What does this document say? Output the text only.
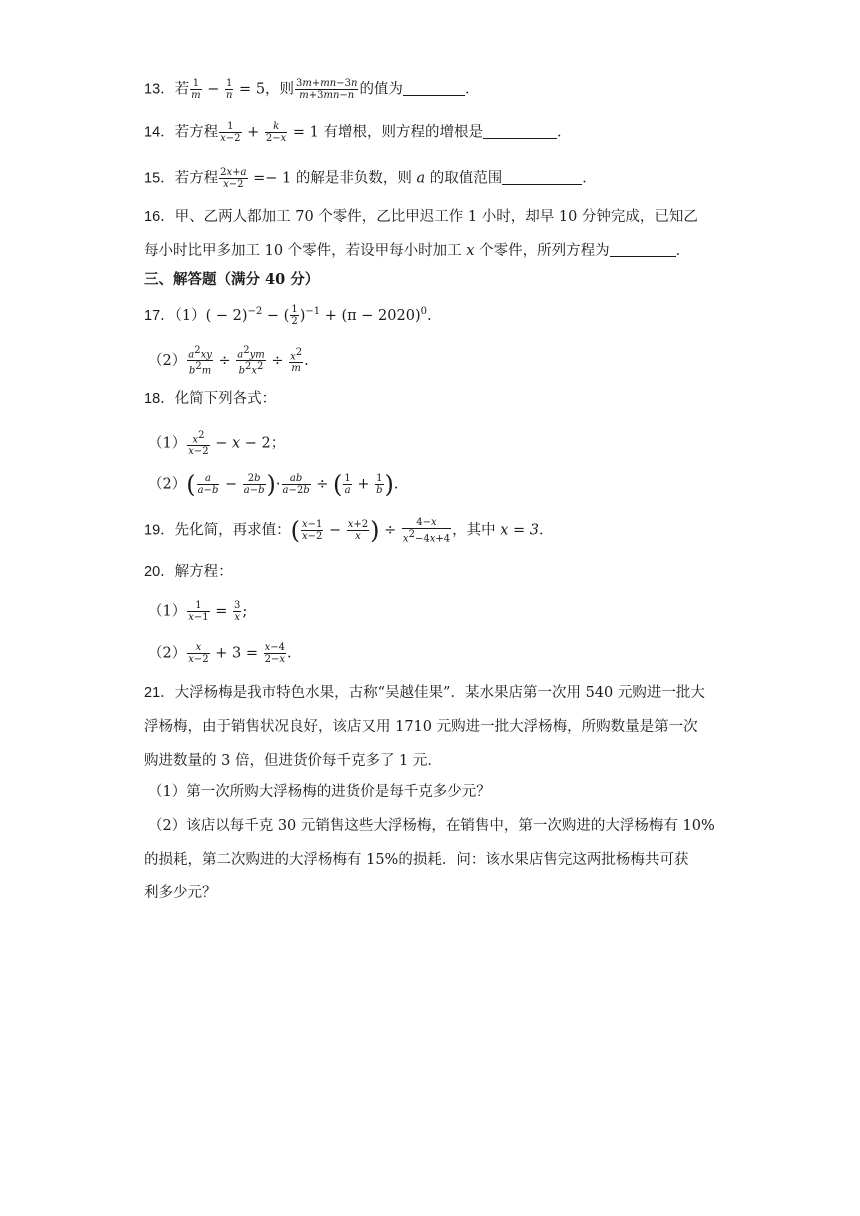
13．若 $\frac{1}{m} - \frac{1}{n} = 5$，则 $\frac{3m+mn-3n}{m+3mn-n}$ 的值为	．
14．若方程 $\frac{1}{x-2} + \frac{k}{2-x} = 1$ 有增根，则方程的增根是	．
15．若方程 $\frac{2x+a}{x-2} =- 1$ 的解是非负数，则 a 的取值范围	．
16．甲、乙两人都加工 70 个零件，乙比甲迟工作 1 小时，却早 10 分钟完成，已知乙
每小时比甲多加工 10 个零件，若设甲每小时加工 x 个零件，所列方程为	．
三、解答题（满分 40 分）
17．$(1)( - 2)^{-2}$ − ( $\frac{1}{2} )^{-1} + (\pi - 2020)^0$.
$(2) \frac{a^2xy}{b^2m} \div \frac{a^2ym}{b^2x^2} \div \frac{x^2}{m}$ .
18．化简下列各式：
$(1) \frac{x^2}{x-2} - x - 2$；
$(2)( \frac{a}{a-b} - \frac{2b}{a-b}$ )· $\frac{ab}{a-2b}$ ÷ ( $\frac{1}{a} + \frac{1}{b}$ ).
19．先化简，再求值：( $\frac{x-1}{x-2} - \frac{x+2}{x}$ ) ÷ $\frac{4-x}{x^2-4x+4}$ ，其中 x = 3．
20．解方程：
$(1) \frac{1}{x-1} = \frac{3}{x}$ ;
$(2) \frac{x}{x-2} + 3 = \frac{x-4}{2-x}$ .
21．大浮杨梅是我市特色水果，古称“吴越佳果”．某水果店第一次用 540 元购进一批大
浮杨梅，由于销售状况良好，该店又用 1710 元购进一批大浮杨梅，所购数量是第一次
购进数量的 3 倍，但进货价每千克多了 1 元．
（1）第一次所购大浮杨梅的进货价是每千克多少元？
（2）该店以每千克 30 元销售这些大浮杨梅，在销售中，第一次购进的大浮杨梅有 10%
的损耗，第二次购进的大浮杨梅有 15%的损耗．问：该水果店售完这两批杨梅共可获
利多少元？
